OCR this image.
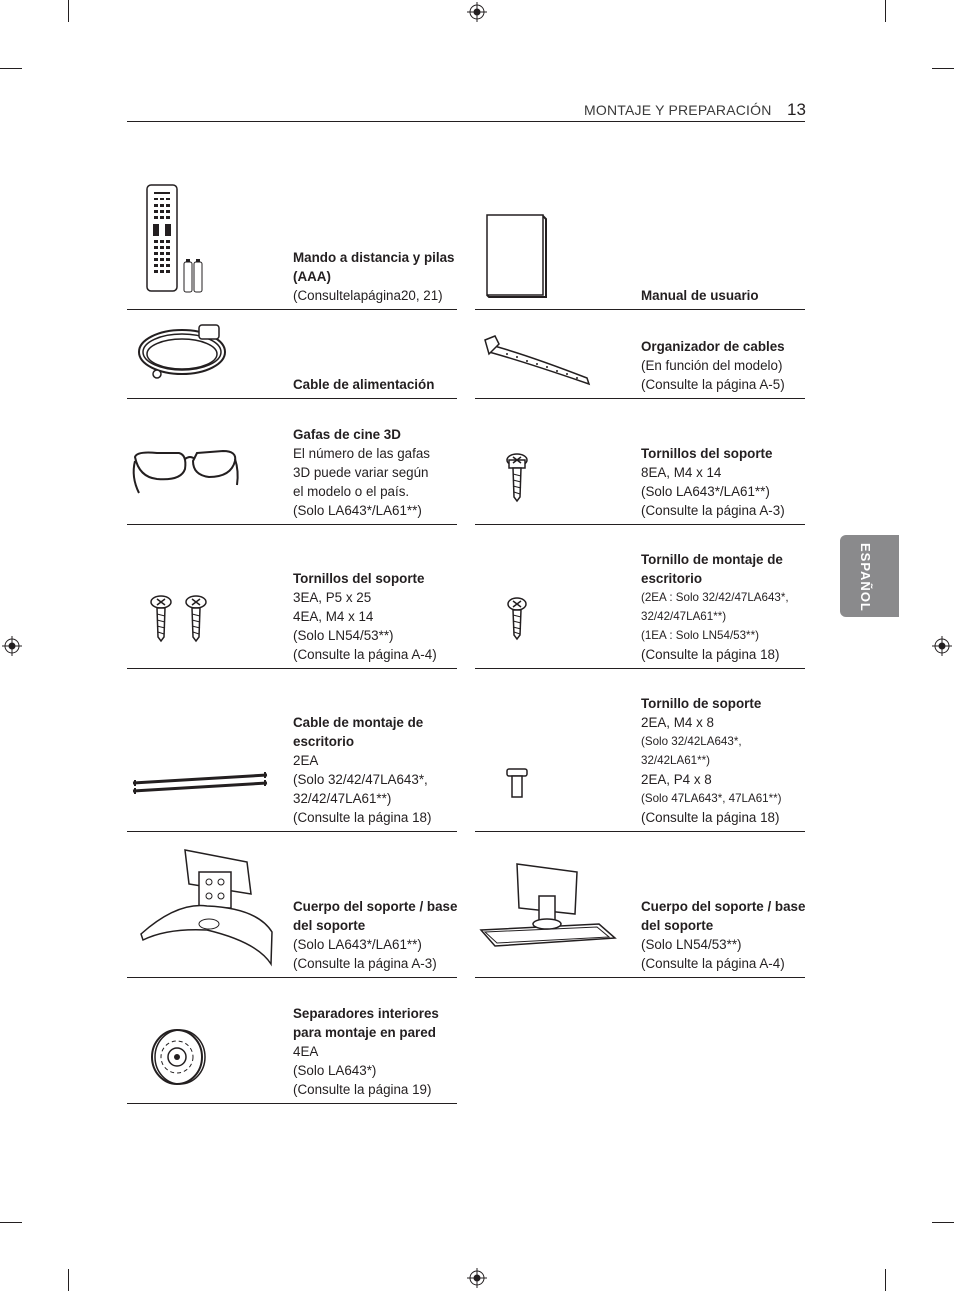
MONTAJE Y PREPARACIÓN 13
ESPAÑOL
Mando a distancia y pilas (AAA)
(Consultelapágina20, 21)
Cable de alimentación
Gafas de cine 3D
El número de las gafas
3D puede variar según
el modelo o el país.
(Solo LA643*/LA61**)
Tornillos del soporte
3EA, P5 x 25
4EA, M4 x 14
(Solo LN54/53**)
(Consulte la página A-4)
Cable de montaje de escritorio
2EA
(Solo 32/42/47LA643*,
32/42/47LA61**)
(Consulte la página 18)
Cuerpo del soporte / base del soporte
(Solo LA643*/LA61**)
(Consulte la página A-3)
Separadores interiores para montaje en pared
4EA
(Solo LA643*)
(Consulte la página 19)
Manual de usuario
Organizador de cables
(En función del modelo)
(Consulte la página A-5)
Tornillos del soporte
8EA, M4 x 14
(Solo LA643*/LA61**)
(Consulte la página A-3)
Tornillo de montaje de escritorio
(2EA : Solo 32/42/47LA643*,
32/42/47LA61**)
(1EA : Solo LN54/53**)
(Consulte la página 18)
Tornillo de soporte
2EA, M4 x 8
(Solo 32/42LA643*,
32/42LA61**)
2EA, P4 x 8
(Solo 47LA643*, 47LA61**)
(Consulte la página 18)
Cuerpo del soporte / base del soporte
(Solo LN54/53**)
(Consulte la página A-4)
